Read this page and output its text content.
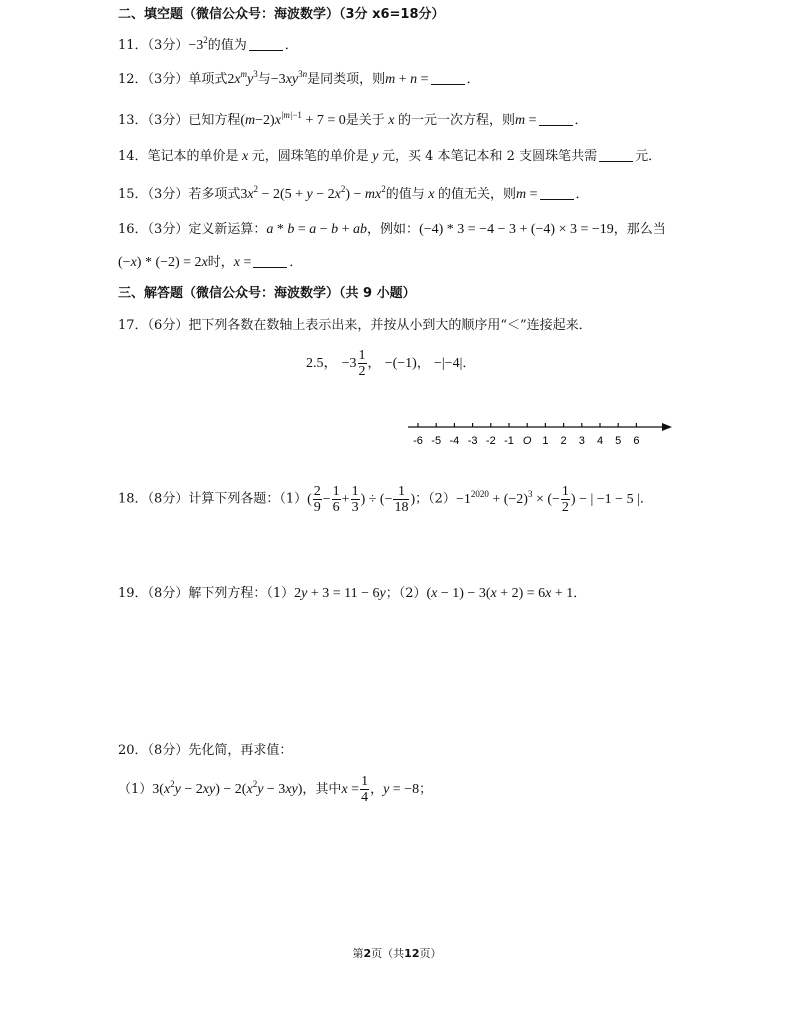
二、填空题（微信公众号：海波数学）（3分 x6=18分）
11．（3分）$-3^2$的值为	．
12．（3分）单项式$2x^my^3$与$-3xy^{3n}$是同类项，则m + n =	．
13．（3分）已知方程$(m-2)x^{|m|-1} + 7 = 0$是关于 x 的一元一次方程，则m =	．
14．笔记本的单价是 x 元，圆珠笔的单价是 y 元，买 4 本笔记本和 2 支圆珠笔共需	元．
15．（3分）若多项式$3x^2 - 2(5 + y - 2x^2) - mx^2$的值与 x 的值无关，则m =	．
16．（3分）定义新运算：a * b = a − b + ab，例如：(−4) * 3 = −4 − 3 + (−4) × 3 = −19，那么当
(−x) * (−2) = 2x时，x =	．
三、解答题（微信公众号：海波数学）（共 9 小题）
17．（6分）把下列各数在数轴上表示出来，并按从小到大的顺序用“＜”连接起来．
2.5， $-3 \frac{1}{2}$ ， −(−1)， −|−4|．
-6 -5 -4 -3 -2 -1 O 1 2 3 4 5 6
18．（8分）计算下列各题：$(1)( \frac{2}{9} - \frac{1}{6} + \frac{1}{3}$ ) ÷ (− $\frac{1}{18}$ )；$(2)-1^{2020} + (-2)^3$ × (− $\frac{1}{2}$ ) − | −1 − 5 |．
19．（8分）解下列方程：（1）2y + 3 = 11 − 6y；（2）(x − 1) − 3(x + 2) = 6x + 1．
20．（8分）先化简，再求值：
$(1)3(x^2y - 2xy) - 2(x^2y - 3xy)$，其中$x = \frac{1}{4}$ ，y = −8；
第2页（共12页）
